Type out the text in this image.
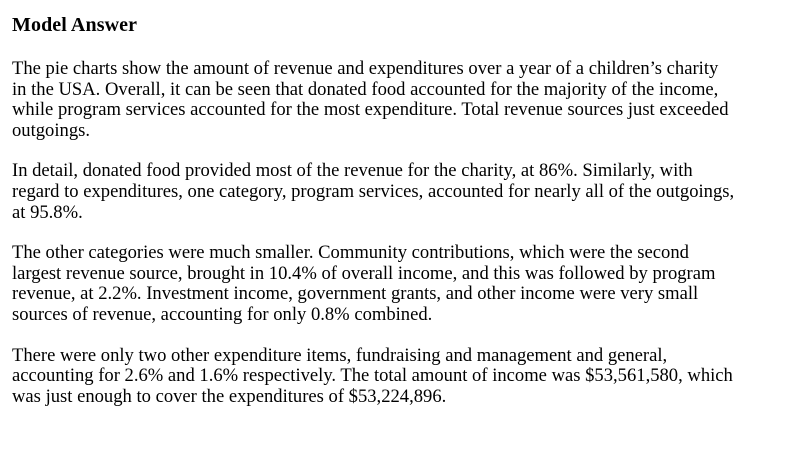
Model Answer

The pie charts show the amount of revenue and expenditures over a year of a children’s charity
in the USA. Overall, it can be seen that donated food accounted for the majority of the income,
while program services accounted for the most expenditure. Total revenue sources just exceeded
outgoings.

In detail, donated food provided most of the revenue for the charity, at 86%. Similarly, with
regard to expenditures, one category, program services, accounted for nearly all of the outgoings,
at 95.8%.

The other categories were much smaller. Community contributions, which were the second
largest revenue source, brought in 10.4% of overall income, and this was followed by program
revenue, at 2.2%. Investment income, government grants, and other income were very small
sources of revenue, accounting for only 0.8% combined.

There were only two other expenditure items, fundraising and management and general,
accounting for 2.6% and 1.6% respectively. The total amount of income was $53,561,580, which
was just enough to cover the expenditures of $53,224,896.
